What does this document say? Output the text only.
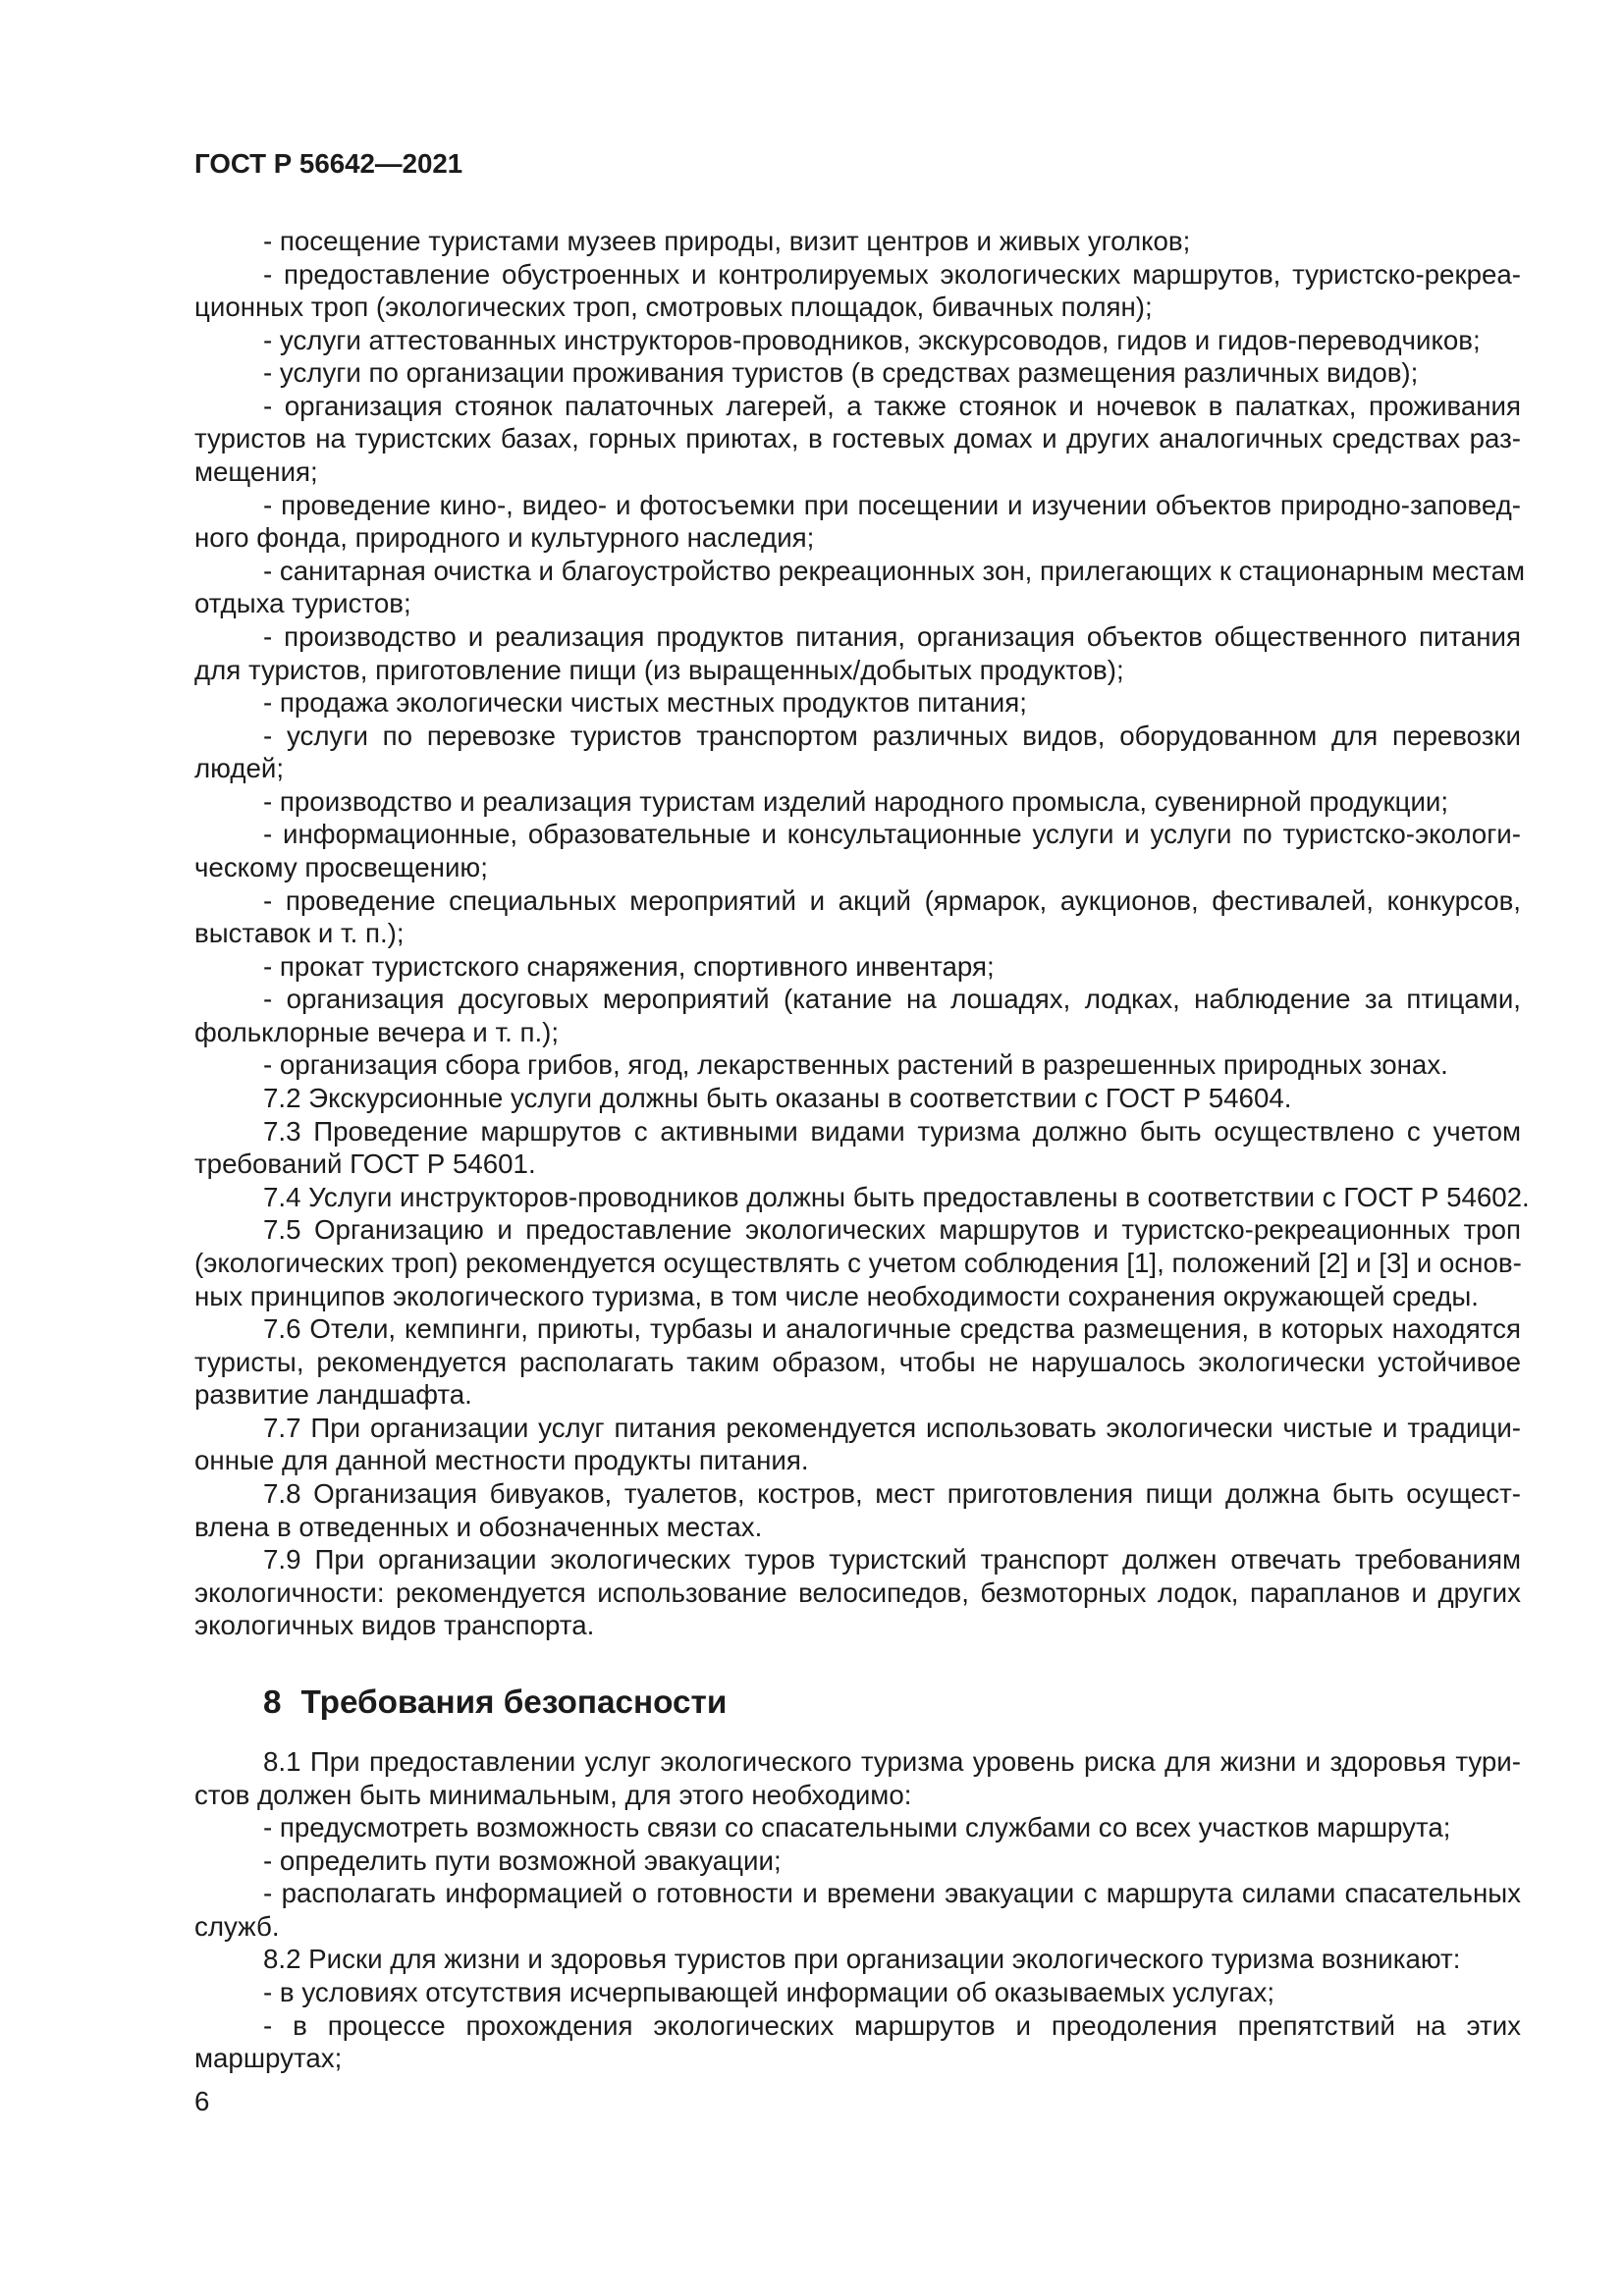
ГОСТ Р 56642—2021
- посещение туристами музеев природы, визит центров и живых уголков;
- предоставление обустроенных и контролируемых экологических маршрутов, туристско-рекреа-
ционных троп (экологических троп, смотровых площадок, бивачных полян);
- услуги аттестованных инструкторов-проводников, экскурсоводов, гидов и гидов-переводчиков;
- услуги по организации проживания туристов (в средствах размещения различных видов);
- организация стоянок палаточных лагерей, а также стоянок и ночевок в палатках, проживания
туристов на туристских базах, горных приютах, в гостевых домах и других аналогичных средствах раз-
мещения;
- проведение кино-, видео- и фотосъемки при посещении и изучении объектов природно-заповед-
ного фонда, природного и культурного наследия;
- санитарная очистка и благоустройство рекреационных зон, прилегающих к стационарным местам
отдыха туристов;
- производство и реализация продуктов питания, организация объектов общественного питания
для туристов, приготовление пищи (из выращенных/добытых продуктов);
- продажа экологически чистых местных продуктов питания;
- услуги по перевозке туристов транспортом различных видов, оборудованном для перевозки
людей;
- производство и реализация туристам изделий народного промысла, сувенирной продукции;
- информационные, образовательные и консультационные услуги и услуги по туристско-экологи-
ческому просвещению;
- проведение специальных мероприятий и акций (ярмарок, аукционов, фестивалей, конкурсов,
выставок и т. п.);
- прокат туристского снаряжения, спортивного инвентаря;
- организация досуговых мероприятий (катание на лошадях, лодках, наблюдение за птицами,
фольклорные вечера и т. п.);
- организация сбора грибов, ягод, лекарственных растений в разрешенных природных зонах.
7.2 Экскурсионные услуги должны быть оказаны в соответствии с ГОСТ Р 54604.
7.3 Проведение маршрутов с активными видами туризма должно быть осуществлено с учетом
требований ГОСТ Р 54601.
7.4 Услуги инструкторов-проводников должны быть предоставлены в соответствии с ГОСТ Р 54602.
7.5 Организацию и предоставление экологических маршрутов и туристско-рекреационных троп
(экологических троп) рекомендуется осуществлять с учетом соблюдения [1], положений [2] и [3] и основ-
ных принципов экологического туризма, в том числе необходимости сохранения окружающей среды.
7.6 Отели, кемпинги, приюты, турбазы и аналогичные средства размещения, в которых находятся
туристы, рекомендуется располагать таким образом, чтобы не нарушалось экологически устойчивое
развитие ландшафта.
7.7 При организации услуг питания рекомендуется использовать экологически чистые и традици-
онные для данной местности продукты питания.
7.8 Организация бивуаков, туалетов, костров, мест приготовления пищи должна быть осущест-
влена в отведенных и обозначенных местах.
7.9 При организации экологических туров туристский транспорт должен отвечать требованиям
экологичности: рекомендуется использование велосипедов, безмоторных лодок, парапланов и других
экологичных видов транспорта.
8 Требования безопасности
8.1 При предоставлении услуг экологического туризма уровень риска для жизни и здоровья тури-
стов должен быть минимальным, для этого необходимо:
- предусмотреть возможность связи со спасательными службами со всех участков маршрута;
- определить пути возможной эвакуации;
- располагать информацией о готовности и времени эвакуации с маршрута силами спасательных
служб.
8.2 Риски для жизни и здоровья туристов при организации экологического туризма возникают:
- в условиях отсутствия исчерпывающей информации об оказываемых услугах;
- в процессе прохождения экологических маршрутов и преодоления препятствий на этих
маршрутах;
6
